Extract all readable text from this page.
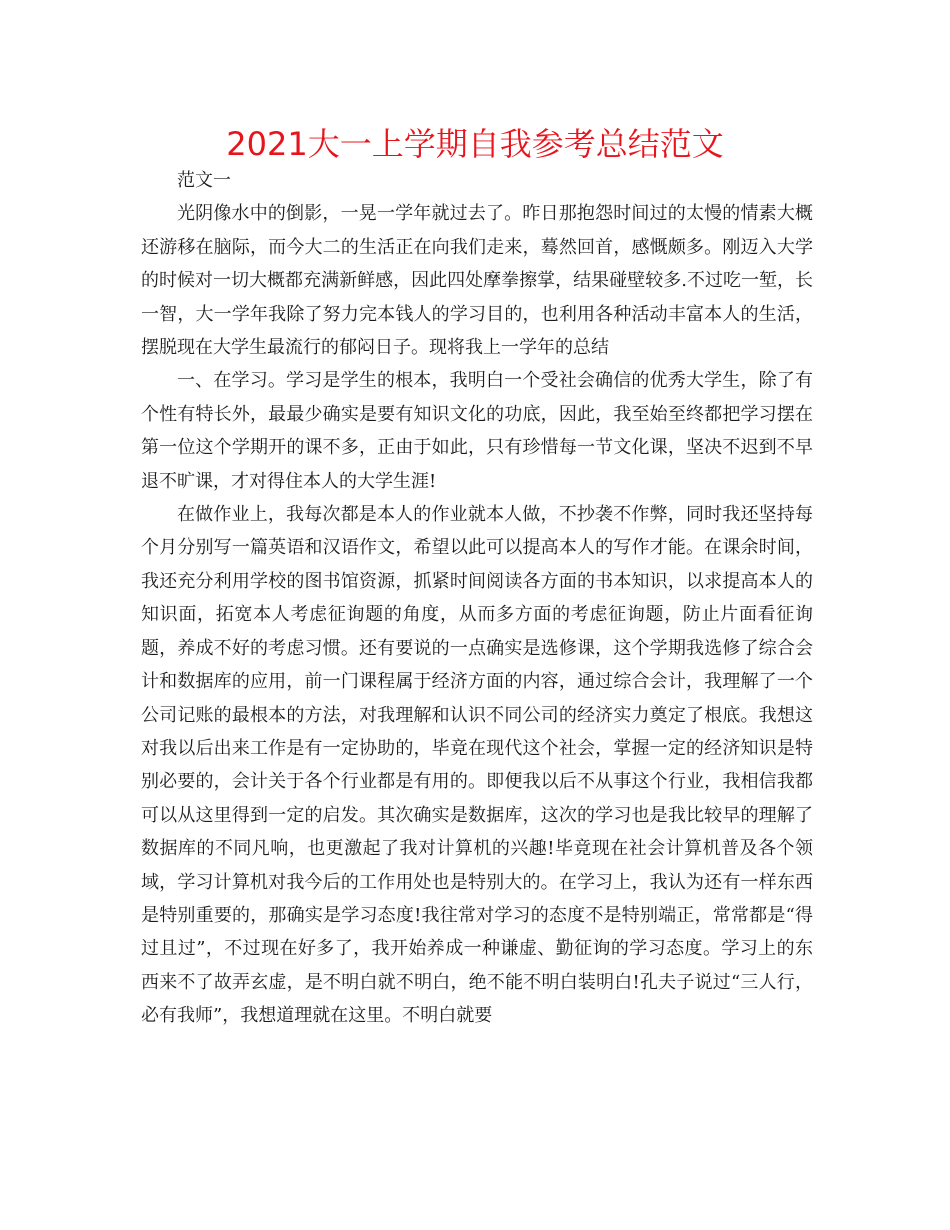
2021大一上学期自我参考总结范文

范文一

光阴像水中的倒影，一晃一学年就过去了。昨日那抱怨时间过的太慢的情素大概还游移在脑际，而今大二的生活正在向我们走来，蓦然回首，感慨颇多。刚迈入大学的时候对一切大概都充满新鲜感，因此四处摩拳擦掌，结果碰壁较多.不过吃一堑，长一智，大一学年我除了努力完本钱人的学习目的，也利用各种活动丰富本人的生活，摆脱现在大学生最流行的郁闷日子。现将我上一学年的总结

一、在学习。学习是学生的根本，我明白一个受社会确信的优秀大学生，除了有个性有特长外，最最少确实是要有知识文化的功底，因此，我至始至终都把学习摆在第一位这个学期开的课不多，正由于如此，只有珍惜每一节文化课，坚决不迟到不早退不旷课，才对得住本人的大学生涯!

在做作业上，我每次都是本人的作业就本人做，不抄袭不作弊，同时我还坚持每个月分别写一篇英语和汉语作文，希望以此可以提高本人的写作才能。在课余时间，我还充分利用学校的图书馆资源，抓紧时间阅读各方面的书本知识，以求提高本人的知识面，拓宽本人考虑征询题的角度，从而多方面的考虑征询题，防止片面看征询题，养成不好的考虑习惯。还有要说的一点确实是选修课，这个学期我选修了综合会计和数据库的应用，前一门课程属于经济方面的内容，通过综合会计，我理解了一个公司记账的最根本的方法，对我理解和认识不同公司的经济实力奠定了根底。我想这对我以后出来工作是有一定协助的，毕竟在现代这个社会，掌握一定的经济知识是特别必要的，会计关于各个行业都是有用的。即便我以后不从事这个行业，我相信我都可以从这里得到一定的启发。其次确实是数据库，这次的学习也是我比较早的理解了数据库的不同凡响，也更激起了我对计算机的兴趣!毕竟现在社会计算机普及各个领域，学习计算机对我今后的工作用处也是特别大的。在学习上，我认为还有一样东西是特别重要的，那确实是学习态度!我往常对学习的态度不是特别端正，常常都是“得过且过”，不过现在好多了，我开始养成一种谦虚、勤征询的学习态度。学习上的东西来不了故弄玄虚，是不明白就不明白，绝不能不明白装明白!孔夫子说过“三人行，必有我师”，我想道理就在这里。不明白就要
